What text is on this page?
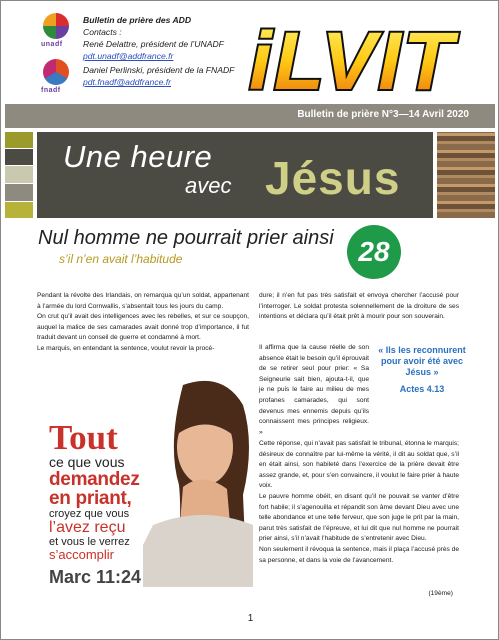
unadf
fnadf
Bulletin de prière des ADD
Contacts :
René Delattre, président de l’UNADF
pdt.unadf@addfrance.fr
Daniel Perlinski, président de la FNADF
pdt.fnadf@addfrance.fr iLVIT
Bulletin de prière N°3—14 Avril 2020
Une heure
avec Jésus
Nul homme ne pourrait prier ainsi
s’il n’en avait l’habitude	28

Pendant la révolte des Irlandais, on remarqua qu’un soldat, appartenant à l’armée du lord Cornwallis, s’absentait tous les jours du camp.

On crut qu’il avait des intelligences avec les rebelles, et sur ce soupçon, auquel la malice de ses camarades avait donné trop d’importance, il fut traduit devant un conseil de guerre et condamné à mort.

Le marquis, en entendant la sentence, voulut revoir la procé-

dure; il n’en fut pas très satisfait et envoya chercher l’accusé pour l’interroger. Le soldat protesta solennellement de la droiture de ses intentions et déclara qu’il était prêt à mourir pour son souverain.

Il affirma que la cause réelle de son absence était le besoin qu’il éprouvait de se retirer seul pour prier: « Sa Seigneurie sait bien, ajouta-t-il, que je ne puis le faire au milieu de mes profanes camarades, qui sont devenus mes ennemis depuis qu’ils connaissent mes principes religieux. »

Cette réponse, qui n’avait pas satisfait le tribunal, étonna le marquis; désireux de connaître par lui-même la vérité, il dit au soldat que, s’il en était ainsi, son habileté dans l’exercice de la prière devait être assez grande, et, pour s’en convaincre, il voulut le faire prier à haute voix.

Le pauvre homme obéit, en disant qu’il ne pouvait se vanter d’être fort habile; il s’agenouilla et répandit son âme devant Dieu avec une telle abondance et une telle ferveur, que son juge le prit par la main, parut très satisfait de l’épreuve, et lui dit que nul homme ne pourrait prier ainsi, s’il n’avait l’habitude de s’entretenir avec Dieu.

Non seulement il révoqua la sentence, mais il plaça l’accusé près de sa personne, et dans la voie de l’avancement.

(19ème)
« Ils les reconnurent pour avoir été avec Jésus »
Actes 4.13
Tout
ce que vous
demandez
en priant,
croyez que vous
l’avez reçu
et vous le verrez
s’accomplir
Marc 11:24
1
